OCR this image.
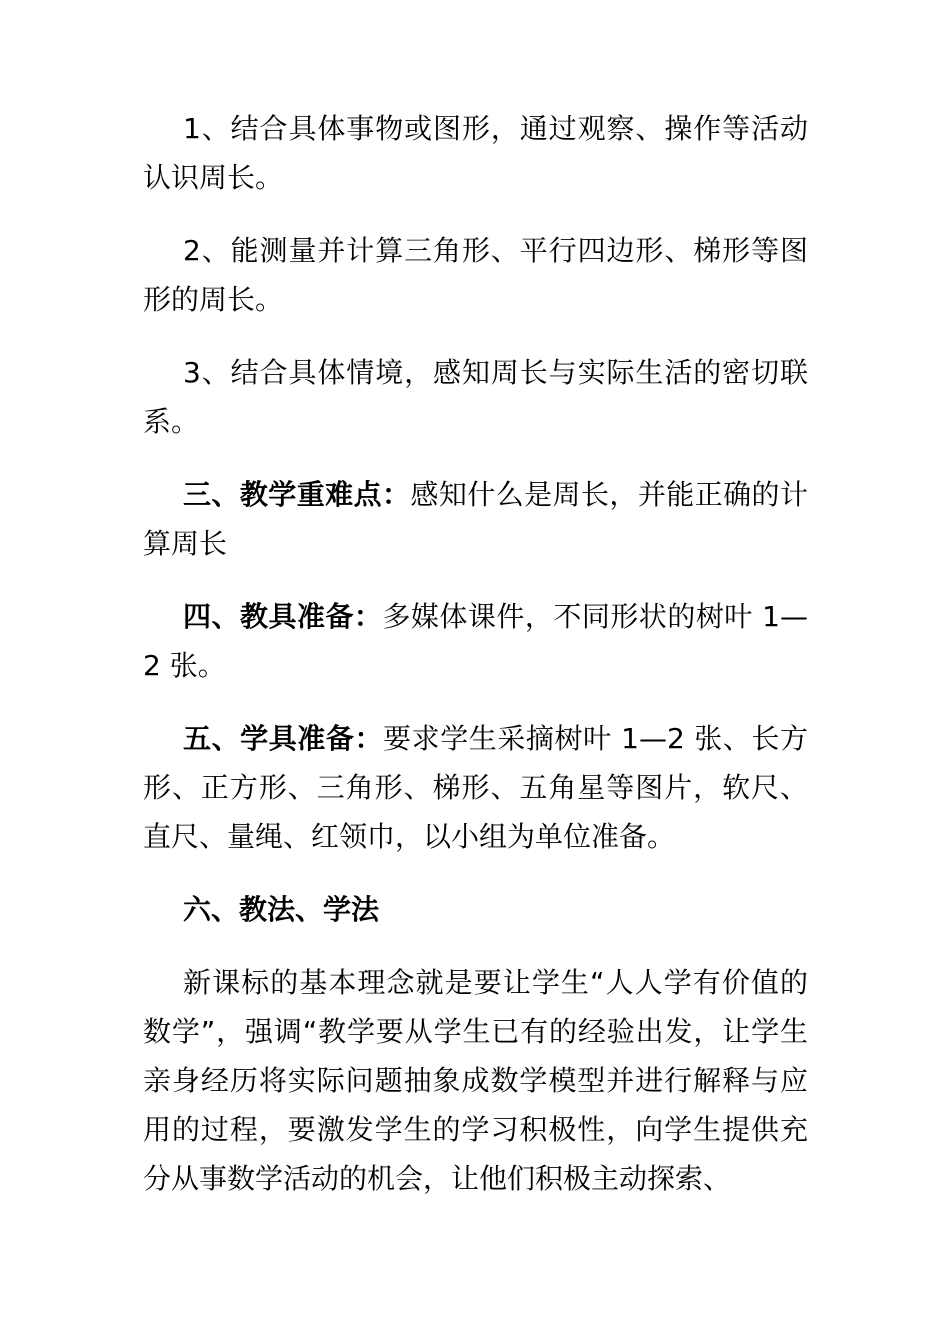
1、结合具体事物或图形，通过观察、操作等活动认识周长。

2、能测量并计算三角形、平行四边形、梯形等图形的周长。

3、结合具体情境，感知周长与实际生活的密切联系。

三、教学重难点：感知什么是周长，并能正确的计算周长

四、教具准备：多媒体课件，不同形状的树叶 1—2 张。

五、学具准备：要求学生采摘树叶 1—2 张、长方形、正方形、三角形、梯形、五角星等图片，软尺、直尺、量绳、红领巾，以小组为单位准备。

六、教法、学法

新课标的基本理念就是要让学生“人人学有价值的数学”，强调“教学要从学生已有的经验出发，让学生亲身经历将实际问题抽象成数学模型并进行解释与应用的过程，要激发学生的学习积极性，向学生提供充分从事数学活动的机会，让他们积极主动探索、
